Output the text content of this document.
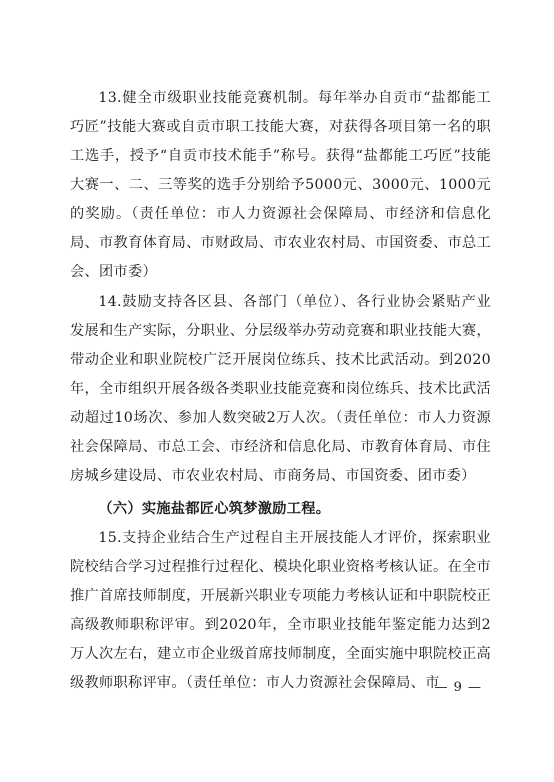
13.健全市级职业技能竞赛机制。每年举办自贡市“盐都能工巧匠”技能大赛或自贡市职工技能大赛，对获得各项目第一名的职工选手，授予“自贡市技术能手”称号。获得“盐都能工巧匠”技能大赛一、二、三等奖的选手分别给予5000元、3000元、1000元的奖励。（责任单位：市人力资源社会保障局、市经济和信息化局、市教育体育局、市财政局、市农业农村局、市国资委、市总工会、团市委）

14.鼓励支持各区县、各部门（单位）、各行业协会紧贴产业发展和生产实际，分职业、分层级举办劳动竞赛和职业技能大赛，带动企业和职业院校广泛开展岗位练兵、技术比武活动。到2020年，全市组织开展各级各类职业技能竞赛和岗位练兵、技术比武活动超过10场次、参加人数突破2万人次。（责任单位：市人力资源社会保障局、市总工会、市经济和信息化局、市教育体育局、市住房城乡建设局、市农业农村局、市商务局、市国资委、团市委）

（六）实施盐都匠心筑梦激励工程。

15.支持企业结合生产过程自主开展技能人才评价，探索职业院校结合学习过程推行过程化、模块化职业资格考核认证。在全市推广首席技师制度，开展新兴职业专项能力考核认证和中职院校正高级教师职称评审。到2020年，全市职业技能年鉴定能力达到2万人次左右，建立市企业级首席技师制度，全面实施中职院校正高级教师职称评审。（责任单位：市人力资源社会保障局、市

— 9 —
